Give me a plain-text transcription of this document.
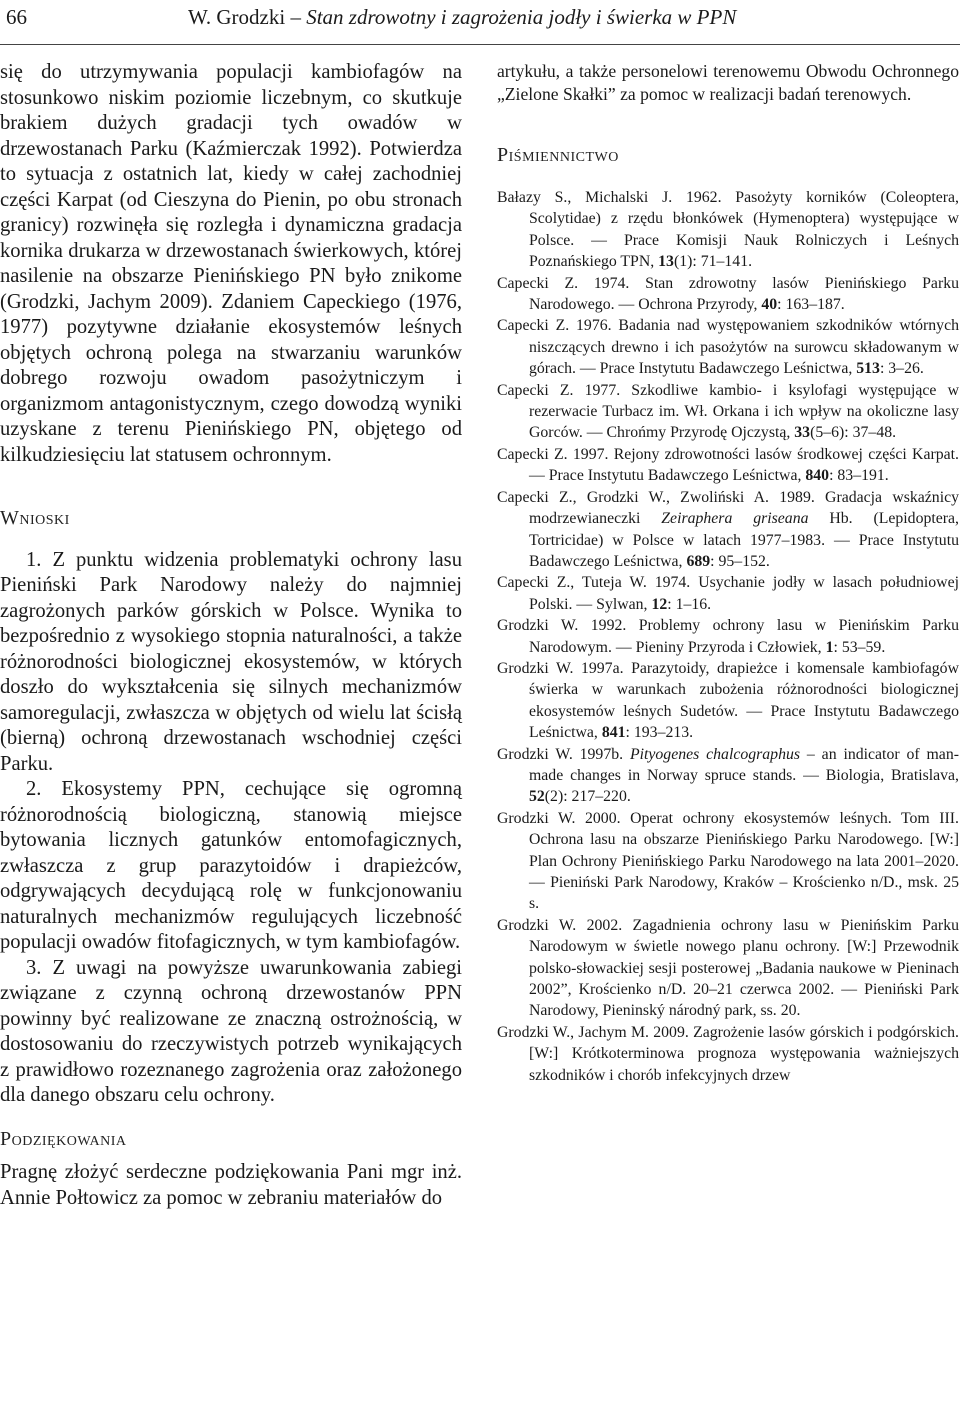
66	W. Grodzki – Stan zdrowotny i zagrożenia jodły i świerka w PPN

się do utrzymywania populacji kambiofagów na stosunkowo niskim poziomie liczebnym, co skutkuje brakiem dużych gradacji tych owadów w drzewostanach Parku (Kaźmierczak 1992). Potwierdza to sytuacja z ostatnich lat, kiedy w całej zachodniej części Karpat (od Cieszyna do Pienin, po obu stronach granicy) rozwinęła się rozległa i dynamiczna gradacja kornika drukarza w drzewostanach świerkowych, której nasilenie na obszarze Pienińskiego PN było znikome (Grodzki, Jachym 2009). Zdaniem Capeckiego (1976, 1977) pozytywne działanie ekosystemów leśnych objętych ochroną polega na stwarzaniu warunków dobrego rozwoju owadom pasożytniczym i organizmom antagonistycznym, czego dowodzą wyniki uzyskane z terenu Pienińskiego PN, objętego od kilkudziesięciu lat statusem ochronnym.

Wnioski

1. Z punktu widzenia problematyki ochrony lasu Pieniński Park Narodowy należy do najmniej zagrożonych parków górskich w Polsce. Wynika to bezpośrednio z wysokiego stopnia naturalności, a także różnorodności biologicznej ekosystemów, w których doszło do wykształcenia się silnych mechanizmów samoregulacji, zwłaszcza w objętych od wielu lat ścisłą (bierną) ochroną drzewostanach wschodniej części Parku.

2. Ekosystemy PPN, cechujące się ogromną różnorodnością biologiczną, stanowią miejsce bytowania licznych gatunków entomofagicznych, zwłaszcza z grup parazytoidów i drapieżców, odgrywających decydującą rolę w funkcjonowaniu naturalnych mechanizmów regulujących liczebność populacji owadów fitofagicznych, w tym kambiofagów.

3. Z uwagi na powyższe uwarunkowania zabiegi związane z czynną ochroną drzewostanów PPN powinny być realizowane ze znaczną ostrożnością, w dostosowaniu do rzeczywistych potrzeb wynikających z prawidłowo rozeznanego zagrożenia oraz założonego dla danego obszaru celu ochrony.

Podziękowania

Pragnę złożyć serdeczne podziękowania Pani mgr inż. Annie Połtowicz za pomoc w zebraniu materiałów do

artykułu, a także personelowi terenowemu Obwodu Ochronnego „Zielone Skałki” za pomoc w realizacji badań terenowych.

Piśmiennictwo

Bałazy S., Michalski J. 1962. Pasożyty korników (Coleoptera, Scolytidae) z rzędu błonkówek (Hymenoptera) występujące w Polsce. — Prace Komisji Nauk Rolniczych i Leśnych Poznańskiego TPN, 13(1): 71–141.

Capecki Z. 1974. Stan zdrowotny lasów Pienińskiego Parku Narodowego. — Ochrona Przyrody, 40: 163–187.

Capecki Z. 1976. Badania nad występowaniem szkodników wtórnych niszczących drewno i ich pasożytów na surowcu składowanym w górach. — Prace Instytutu Badawczego Leśnictwa, 513: 3–26.

Capecki Z. 1977. Szkodliwe kambio- i ksylofagi występujące w rezerwacie Turbacz im. Wł. Orkana i ich wpływ na okoliczne lasy Gorców. — Chrońmy Przyrodę Ojczystą, 33(5–6): 37–48.

Capecki Z. 1997. Rejony zdrowotności lasów środkowej części Karpat. — Prace Instytutu Badawczego Leśnictwa, 840: 83–191.

Capecki Z., Grodzki W., Zwoliński A. 1989. Gradacja wskaźnicy modrzewianeczki Zeiraphera griseana Hb. (Lepidoptera, Tortricidae) w Polsce w latach 1977–1983. — Prace Instytutu Badawczego Leśnictwa, 689: 95–152.

Capecki Z., Tuteja W. 1974. Usychanie jodły w lasach południowej Polski. — Sylwan, 12: 1–16.

Grodzki W. 1992. Problemy ochrony lasu w Pienińskim Parku Narodowym. — Pieniny Przyroda i Człowiek, 1: 53–59.

Grodzki W. 1997a. Parazytoidy, drapieżce i komensale kambiofagów świerka w warunkach zubożenia różnorodności biologicznej ekosystemów leśnych Sudetów. — Prace Instytutu Badawczego Leśnictwa, 841: 193–213.

Grodzki W. 1997b. Pityogenes chalcographus – an indicator of man-made changes in Norway spruce stands. — Biologia, Bratislava, 52(2): 217–220.

Grodzki W. 2000. Operat ochrony ekosystemów leśnych. Tom III. Ochrona lasu na obszarze Pienińskiego Parku Narodowego. [W:] Plan Ochrony Pienińskiego Parku Narodowego na lata 2001–2020. — Pieniński Park Narodowy, Kraków – Krościenko n/D., msk. 25 s.

Grodzki W. 2002. Zagadnienia ochrony lasu w Pienińskim Parku Narodowym w świetle nowego planu ochrony. [W:] Przewodnik polsko-słowackiej sesji posterowej „Badania naukowe w Pieninach 2002”, Krościenko n/D. 20–21 czerwca 2002. — Pieniński Park Narodowy, Pieninský národný park, ss. 20.

Grodzki W., Jachym M. 2009. Zagrożenie lasów górskich i podgórskich. [W:] Krótkoterminowa prognoza występowania ważniejszych szkodników i chorób infekcyjnych drzew
